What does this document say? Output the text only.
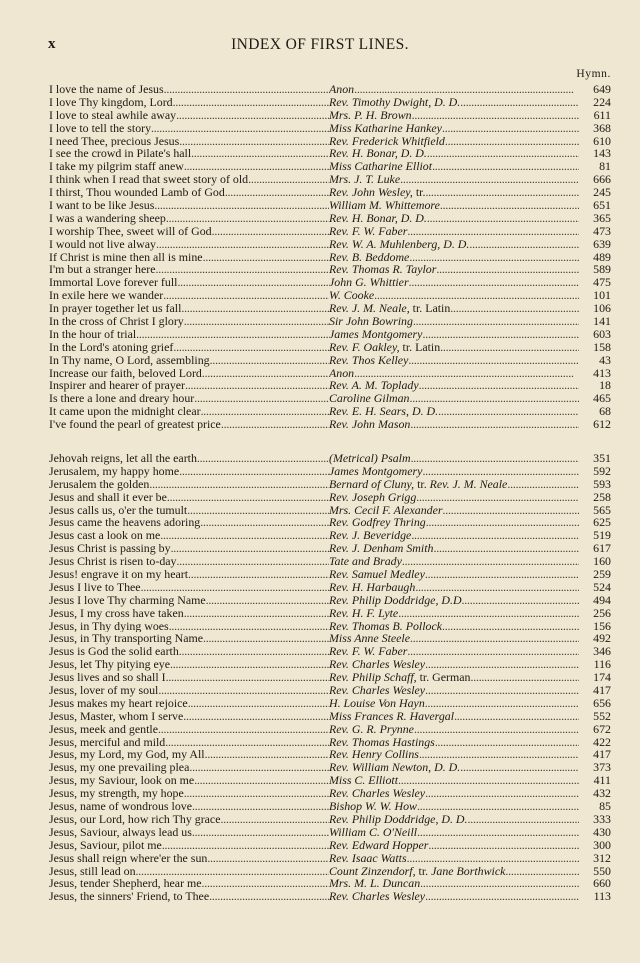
x	INDEX OF FIRST LINES.
Hymn.
I love the name of Jesus . . .	Anon . . .	649
I love Thy kingdom, Lord . . .	Rev. Timothy Dwight, D. D. . . .	224
I love to steal awhile away . . .	Mrs. P. H. Brown . . .	611
I love to tell the story . . .	Miss Katharine Hankey . . .	368
I need Thee, precious Jesus . . .	Rev. Frederick Whitfield . . .	610
I see the crowd in Pilate's hall . . .	Rev. H. Bonar, D. D. . . .	143
I take my pilgrim staff anew . . .	Miss Catharine Elliot . . .	81
I think when I read that sweet story of old . . .	Mrs. J. T. Luke . . .	666
I thirst, Thou wounded Lamb of God . . .	Rev. John Wesley, tr. . . .	245
I want to be like Jesus . . .	William M. Whittemore . . .	651
I was a wandering sheep . . .	Rev. H. Bonar, D. D. . . .	365
I worship Thee, sweet will of God . . .	Rev. F. W. Faber . . .	473
I would not live alway . . .	Rev. W. A. Muhlenberg, D. D. . . .	639
If Christ is mine then all is mine . . .	Rev. B. Beddome . . .	489
I'm but a stranger here . . .	Rev. Thomas R. Taylor . . .	589
Immortal Love forever full . . .	John G. Whittier . . .	475
In exile here we wander . . .	W. Cooke . . .	101
In prayer together let us fall . . .	Rev. J. M. Neale, tr. Latin . . .	106
In the cross of Christ I glory . . .	Sir John Bowring . . .	141
In the hour of trial . . .	James Montgomery . . .	603
In the Lord's atoning grief . . .	Rev. F. Oakley, tr. Latin . . .	158
In Thy name, O Lord, assembling . . .	Rev. Thos Kelley . . .	43
Increase our faith, beloved Lord . . .	Anon . . .	413
Inspirer and hearer of prayer . . .	Rev. A. M. Toplady . . .	18
Is there a lone and dreary hour . . .	Caroline Gilman . . .	465
It came upon the midnight clear . . .	Rev. E. H. Sears, D. D. . . .	68
I've found the pearl of greatest price . . .	Rev. John Mason . . .	612
Jehovah reigns, let all the earth . . .	(Metrical) Psalm . . .	351
Jerusalem, my happy home . . .	James Montgomery . . .	592
Jerusalem the golden . . .	Bernard of Cluny, tr. Rev. J. M. Neale . . .	593
Jesus and shall it ever be . . .	Rev. Joseph Grigg . . .	258
Jesus calls us, o'er the tumult . . .	Mrs. Cecil F. Alexander . . .	565
Jesus came the heavens adoring . . .	Rev. Godfrey Thring . . .	625
Jesus cast a look on me . . .	Rev. J. Beveridge . . .	519
Jesus Christ is passing by . . .	Rev. J. Denham Smith . . .	617
Jesus Christ is risen to-day . . .	Tate and Brady . . .	160
Jesus! engrave it on my heart . . .	Rev. Samuel Medley . . .	259
Jesus I live to Thee . . .	Rev. H. Harbaugh . . .	524
Jesus I love Thy charming Name . . .	Rev. Philip Doddridge, D.D . . .	494
Jesus, I my cross have taken . . .	Rev. H. F. Lyte . . .	256
Jesus, in Thy dying woes . . .	Rev. Thomas B. Pollock . . .	156
Jesus, in Thy transporting Name . . .	Miss Anne Steele . . .	492
Jesus is God the solid earth . . .	Rev. F. W. Faber . . .	346
Jesus, let Thy pitying eye . . .	Rev. Charles Wesley . . .	116
Jesus lives and so shall I . . .	Rev. Philip Schaff, tr. German . . .	174
Jesus, lover of my soul . . .	Rev. Charles Wesley . . .	417
Jesus makes my heart rejoice . . .	H. Louise Von Hayn . . .	656
Jesus, Master, whom I serve . . .	Miss Frances R. Havergal . . .	552
Jesus, meek and gentle . . .	Rev. G. R. Prynne . . .	672
Jesus, merciful and mild . . .	Rev. Thomas Hastings . . .	422
Jesus, my Lord, my God, my All . . .	Rev. Henry Collins . . .	417
Jesus, my one prevailing plea . . .	Rev. William Newton, D. D. . . .	373
Jesus, my Saviour, look on me . . .	Miss C. Elliott . . .	411
Jesus, my strength, my hope . . .	Rev. Charles Wesley . . .	432
Jesus, name of wondrous love . . .	Bishop W. W. How . . .	85
Jesus, our Lord, how rich Thy grace . . .	Rev. Philip Doddridge, D. D. . . .	333
Jesus, Saviour, always lead us . . .	William C. O'Neill . . .	430
Jesus, Saviour, pilot me . . .	Rev. Edward Hopper . . .	300
Jesus shall reign where'er the sun . . .	Rev. Isaac Watts . . .	312
Jesus, still lead on . . .	Count Zinzendorf, tr. Jane Borthwick . . .	550
Jesus, tender Shepherd, hear me . . .	Mrs. M. L. Duncan . . .	660
Jesus, the sinners' Friend, to Thee . . .	Rev. Charles Wesley . . .	113
